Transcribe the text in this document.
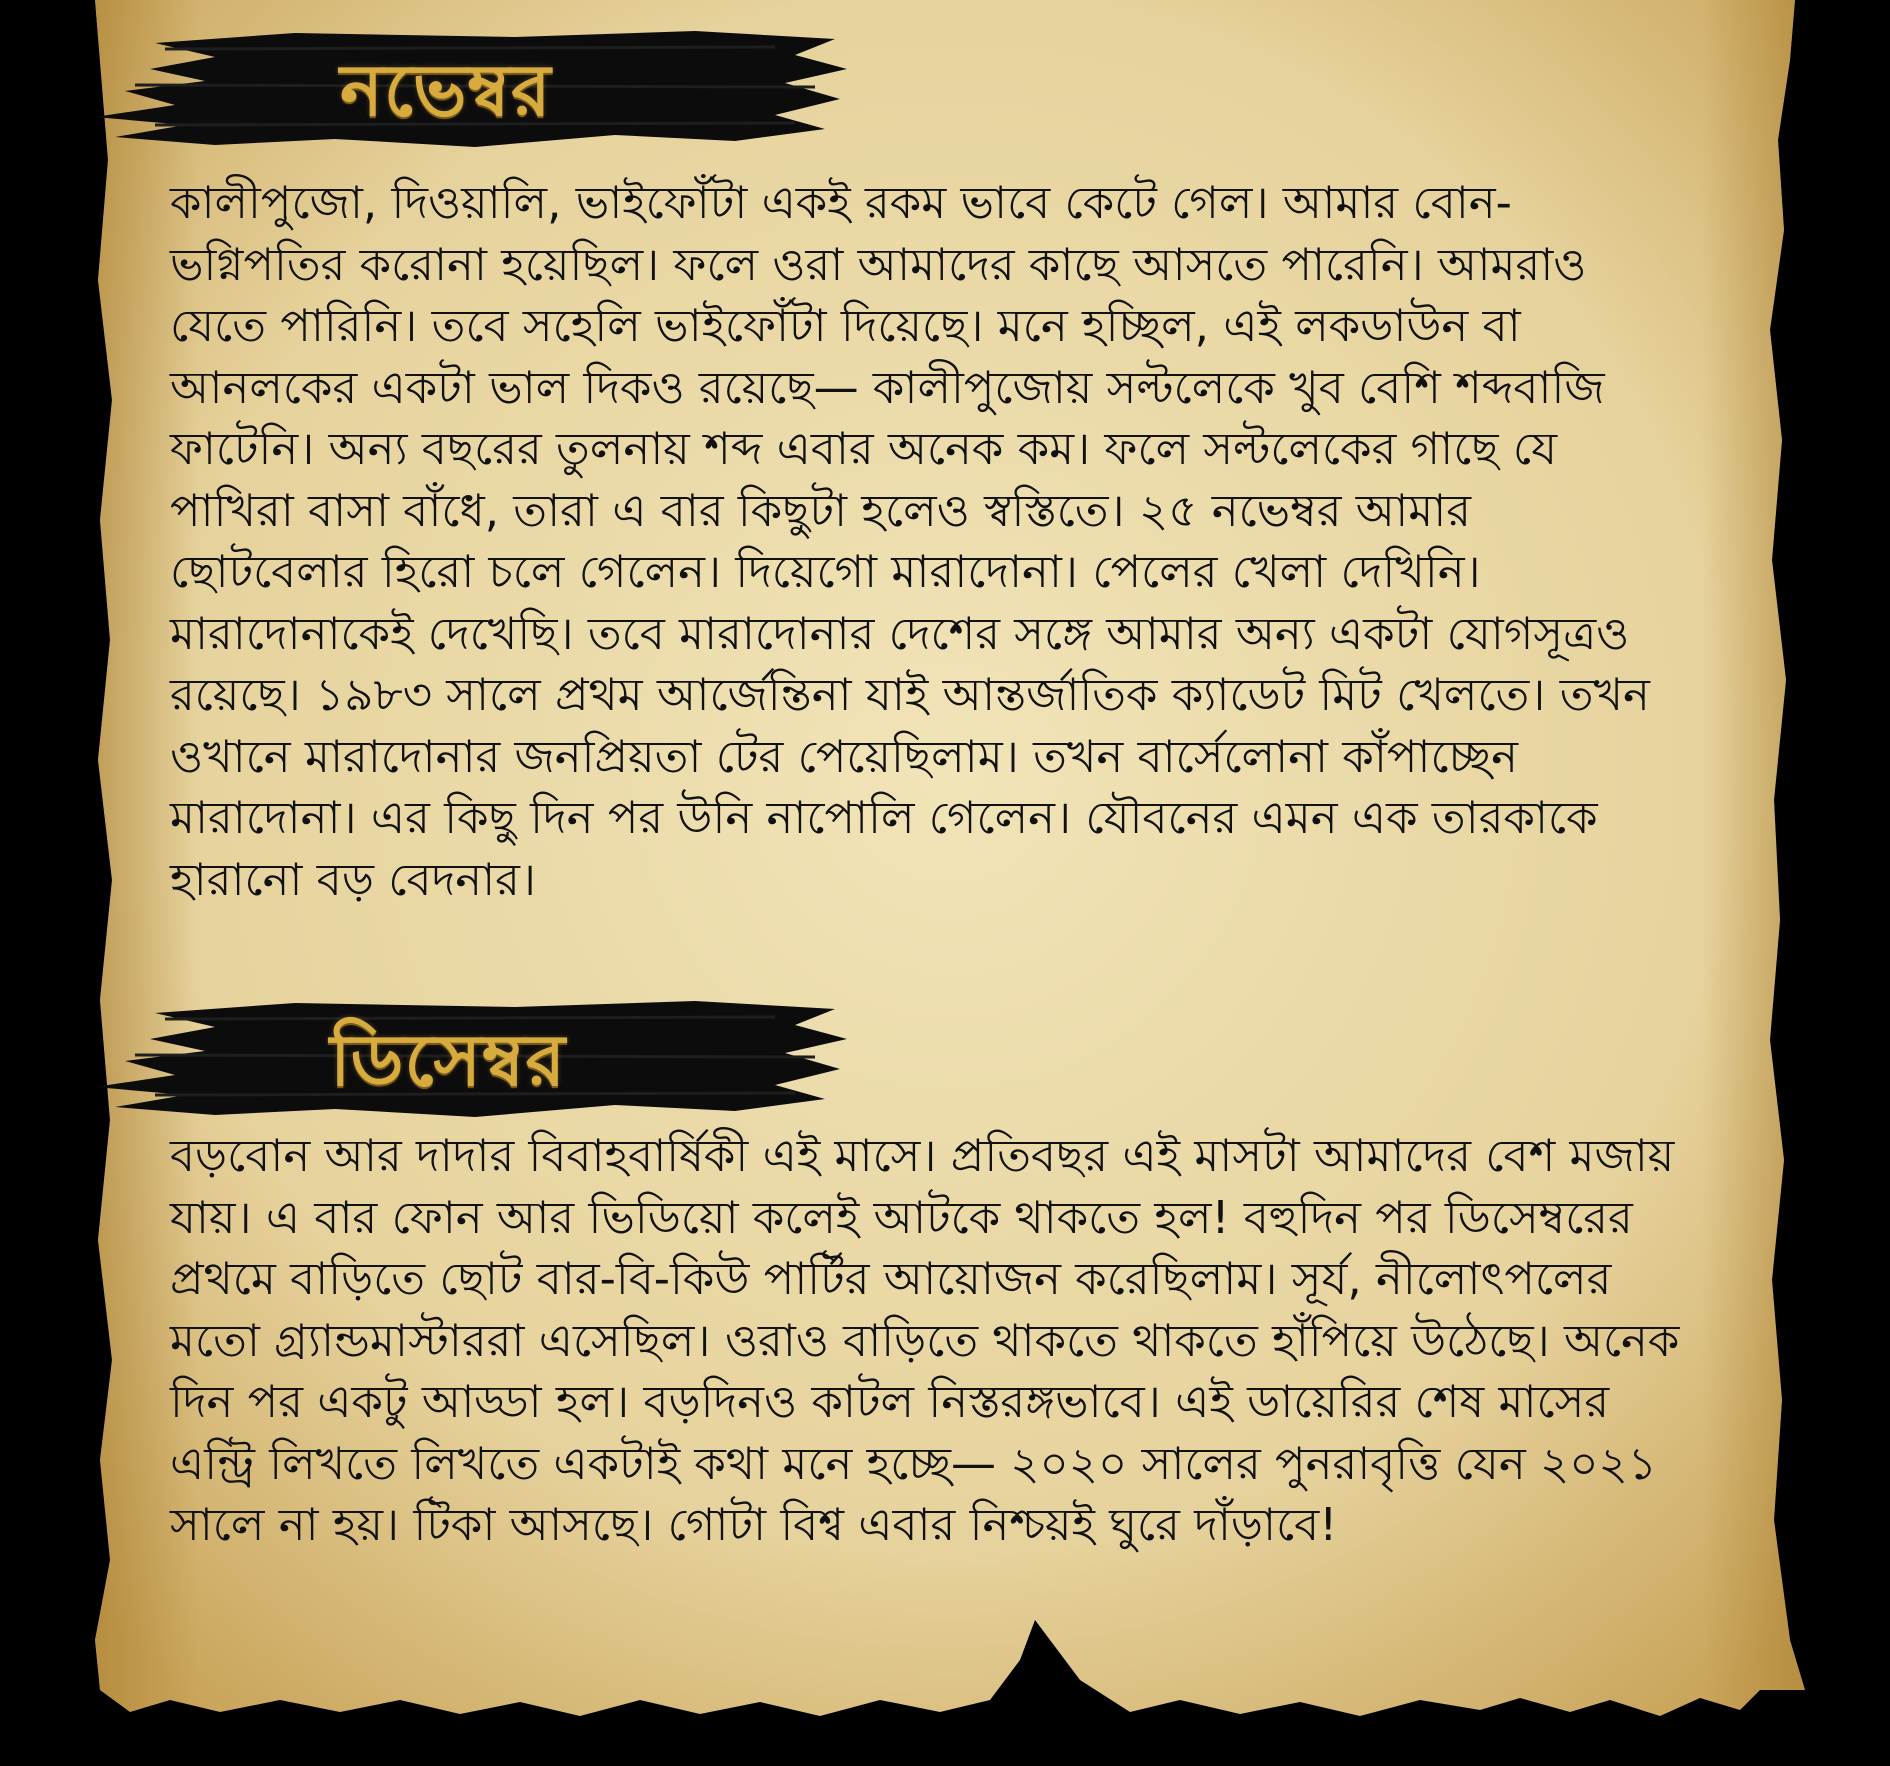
নভেম্বর

কালীপুজো, দিওয়ালি, ভাইফোঁটা একই রকম ভাবে কেটে গেল। আমার বোন-ভগ্নিপতির করোনা হয়েছিল। ফলে ওরা আমাদের কাছে আসতে পারেনি। আমরাও যেতে পারিনি। তবে সহেলি ভাইফোঁটা দিয়েছে। মনে হচ্ছিল, এই লকডাউন বা আনলকের একটা ভাল দিকও রয়েছে— কালীপুজোয় সল্টলেকে খুব বেশি শব্দবাজি ফাটেনি। অন্য বছরের তুলনায় শব্দ এবার অনেক কম। ফলে সল্টলেকের গাছে যে পাখিরা বাসা বাঁধে, তারা এ বার কিছুটা হলেও স্বস্তিতে। ২৫ নভেম্বর আমার ছোটবেলার হিরো চলে গেলেন। দিয়েগো মারাদোনা। পেলের খেলা দেখিনি। মারাদোনাকেই দেখেছি। তবে মারাদোনার দেশের সঙ্গে আমার অন্য একটা যোগসূত্রও রয়েছে। ১৯৮৩ সালে প্রথম আর্জেন্তিনা যাই আন্তর্জাতিক ক্যাডেট মিট খেলতে। তখন ওখানে মারাদোনার জনপ্রিয়তা টের পেয়েছিলাম। তখন বার্সেলোনা কাঁপাচ্ছেন মারাদোনা। এর কিছু দিন পর উনি নাপোলি গেলেন। যৌবনের এমন এক তারকাকে হারানো বড় বেদনার।

ডিসেম্বর

বড়বোন আর দাদার বিবাহবার্ষিকী এই মাসে। প্রতিবছর এই মাসটা আমাদের বেশ মজায় যায়। এ বার ফোন আর ভিডিয়ো কলেই আটকে থাকতে হল! বহুদিন পর ডিসেম্বরের প্রথমে বাড়িতে ছোট বার-বি-কিউ পার্টির আয়োজন করেছিলাম। সূর্য, নীলোৎপলের মতো গ্র্যান্ডমাস্টাররা এসেছিল। ওরাও বাড়িতে থাকতে থাকতে হাঁপিয়ে উঠেছে। অনেক দিন পর একটু আড্ডা হল। বড়দিনও কাটল নিস্তরঙ্গভাবে। এই ডায়েরির শেষ মাসের এন্ট্রি লিখতে লিখতে একটাই কথা মনে হচ্ছে— ২০২০ সালের পুনরাবৃত্তি যেন ২০২১ সালে না হয়। টিকা আসছে। গোটা বিশ্ব এবার নিশ্চয়ই ঘুরে দাঁড়াবে!
